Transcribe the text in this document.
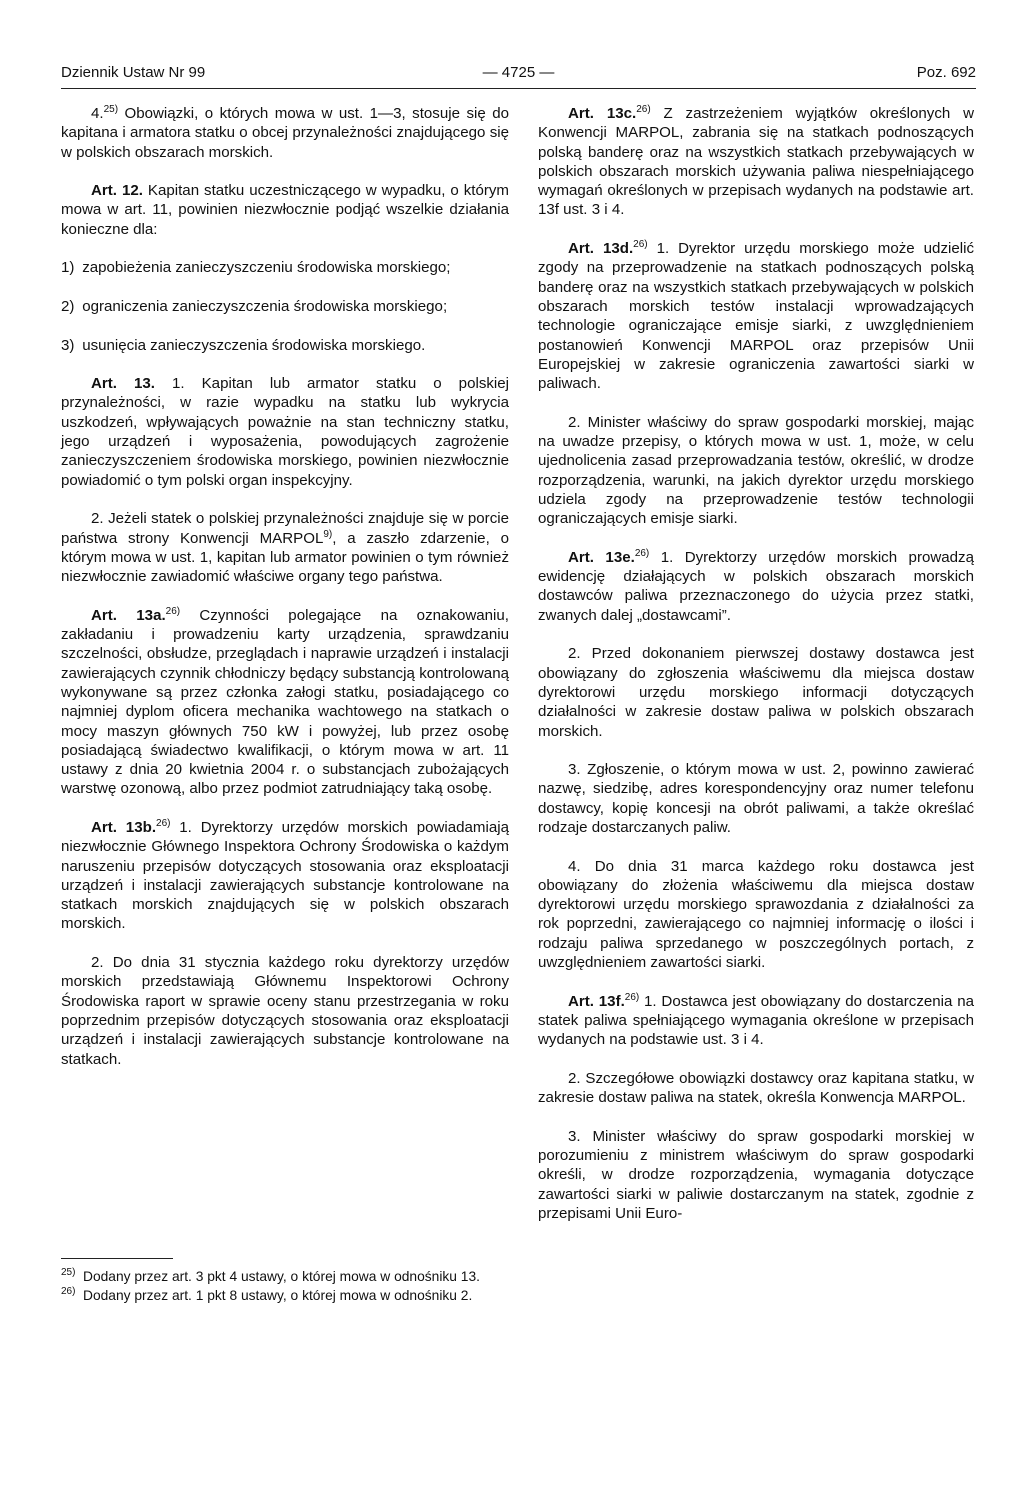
Dziennik Ustaw Nr 99	— 4725 —	Poz. 692

4.$^{25)}$ Obowiązki, o których mowa w ust. 1—3, stosuje się do kapitana i armatora statku o obcej przynależności znajdującego się w polskich obszarach morskich.

Art. 12. Kapitan statku uczestniczącego w wypadku, o którym mowa w art. 11, powinien niezwłocznie podjąć wszelkie działania konieczne dla:

1) zapobieżenia zanieczyszczeniu środowiska morskiego;
2) ograniczenia zanieczyszczenia środowiska morskiego;
3) usunięcia zanieczyszczenia środowiska morskiego.

Art. 13. 1. Kapitan lub armator statku o polskiej przynależności, w razie wypadku na statku lub wykrycia uszkodzeń, wpływających poważnie na stan techniczny statku, jego urządzeń i wyposażenia, powodujących zagrożenie zanieczyszczeniem środowiska morskiego, powinien niezwłocznie powiadomić o tym polski organ inspekcyjny.

2. Jeżeli statek o polskiej przynależności znajduje się w porcie państwa strony Konwencji MARPOL$^{9)}$, a zaszło zdarzenie, o którym mowa w ust. 1, kapitan lub armator powinien o tym również niezwłocznie zawiadomić właściwe organy tego państwa.

Art. 13a.$^{26)}$ Czynności polegające na oznakowaniu, zakładaniu i prowadzeniu karty urządzenia, sprawdzaniu szczelności, obsłudze, przeglądach i naprawie urządzeń i instalacji zawierających czynnik chłodniczy będący substancją kontrolowaną wykonywane są przez członka załogi statku, posiadającego co najmniej dyplom oficera mechanika wachtowego na statkach o mocy maszyn głównych 750 kW i powyżej, lub przez osobę posiadającą świadectwo kwalifikacji, o którym mowa w art. 11 ustawy z dnia 20 kwietnia 2004 r. o substancjach zubożających warstwę ozonową, albo przez podmiot zatrudniający taką osobę.

Art. 13b.$^{26)}$ 1. Dyrektorzy urzędów morskich powiadamiają niezwłocznie Głównego Inspektora Ochrony Środowiska o każdym naruszeniu przepisów dotyczących stosowania oraz eksploatacji urządzeń i instalacji zawierających substancje kontrolowane na statkach morskich znajdujących się w polskich obszarach morskich.

2. Do dnia 31 stycznia każdego roku dyrektorzy urzędów morskich przedstawiają Głównemu Inspektorowi Ochrony Środowiska raport w sprawie oceny stanu przestrzegania w roku poprzednim przepisów dotyczących stosowania oraz eksploatacji urządzeń i instalacji zawierających substancje kontrolowane na statkach.

25) Dodany przez art. 3 pkt 4 ustawy, o której mowa w odnośniku 13.
26) Dodany przez art. 1 pkt 8 ustawy, o której mowa w odnośniku 2.

Art. 13c.$^{26)}$ Z zastrzeżeniem wyjątków określonych w Konwencji MARPOL, zabrania się na statkach podnoszących polską banderę oraz na wszystkich statkach przebywających w polskich obszarach morskich używania paliwa niespełniającego wymagań określonych w przepisach wydanych na podstawie art. 13f ust. 3 i 4.

Art. 13d.$^{26)}$ 1. Dyrektor urzędu morskiego może udzielić zgody na przeprowadzenie na statkach podnoszących polską banderę oraz na wszystkich statkach przebywających w polskich obszarach morskich testów instalacji wprowadzających technologie ograniczające emisje siarki, z uwzględnieniem postanowień Konwencji MARPOL oraz przepisów Unii Europejskiej w zakresie ograniczenia zawartości siarki w paliwach.

2. Minister właściwy do spraw gospodarki morskiej, mając na uwadze przepisy, o których mowa w ust. 1, może, w celu ujednolicenia zasad przeprowadzania testów, określić, w drodze rozporządzenia, warunki, na jakich dyrektor urzędu morskiego udziela zgody na przeprowadzenie testów technologii ograniczających emisje siarki.

Art. 13e.$^{26)}$ 1. Dyrektorzy urzędów morskich prowadzą ewidencję działających w polskich obszarach morskich dostawców paliwa przeznaczonego do użycia przez statki, zwanych dalej „dostawcami”.

2. Przed dokonaniem pierwszej dostawy dostawca jest obowiązany do zgłoszenia właściwemu dla miejsca dostaw dyrektorowi urzędu morskiego informacji dotyczących działalności w zakresie dostaw paliwa w polskich obszarach morskich.

3. Zgłoszenie, o którym mowa w ust. 2, powinno zawierać nazwę, siedzibę, adres korespondencyjny oraz numer telefonu dostawcy, kopię koncesji na obrót paliwami, a także określać rodzaje dostarczanych paliw.

4. Do dnia 31 marca każdego roku dostawca jest obowiązany do złożenia właściwemu dla miejsca dostaw dyrektorowi urzędu morskiego sprawozdania z działalności za rok poprzedni, zawierającego co najmniej informację o ilości i rodzaju paliwa sprzedanego w poszczególnych portach, z uwzględnieniem zawartości siarki.

Art. 13f.$^{26)}$ 1. Dostawca jest obowiązany do dostarczenia na statek paliwa spełniającego wymagania określone w przepisach wydanych na podstawie ust. 3 i 4.

2. Szczegółowe obowiązki dostawcy oraz kapitana statku, w zakresie dostaw paliwa na statek, określa Konwencja MARPOL.

3. Minister właściwy do spraw gospodarki morskiej w porozumieniu z ministrem właściwym do spraw gospodarki określi, w drodze rozporządzenia, wymagania dotyczące zawartości siarki w paliwie dostarczanym na statek, zgodnie z przepisami Unii Euro-
